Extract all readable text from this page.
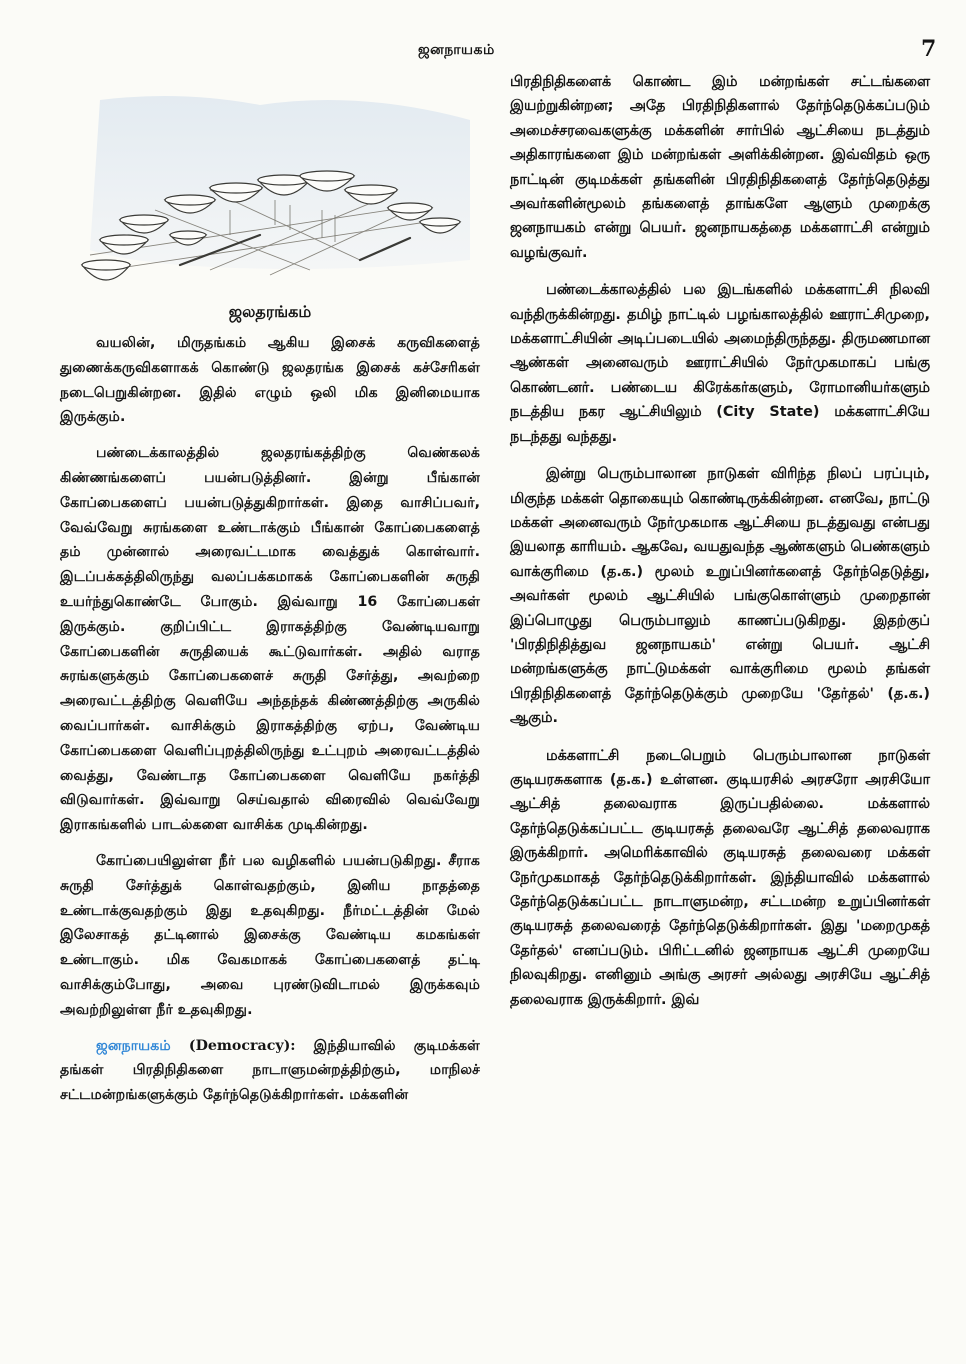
ஜனநாயகம்	7
ஜலதரங்கம்

வயலின், மிருதங்கம் ஆகிய இசைக் கருவிகளைத் துணைக்கருவிகளாகக் கொண்டு ஜலதரங்க இசைக் கச்சேரிகள் நடைபெறுகின்றன. இதில் எழும் ஒலி மிக இனிமையாக இருக்கும்.

பண்டைக்காலத்தில் ஜலதரங்கத்திற்கு வெண்கலக் கிண்ணங்களைப் பயன்படுத்தினர். இன்று பீங்கான் கோப்பைகளைப் பயன்படுத்துகிறார்கள். இதை வாசிப்பவர், வேவ்வேறு சுரங்களை உண்டாக்கும் பீங்கான் கோப்பைகளைத் தம் முன்னால் அரைவட்டமாக வைத்துக் கொள்வார். இடப்பக்கத்திலிருந்து வலப்பக்கமாகக் கோப்பைகளின் சுருதி உயர்ந்துகொண்டே போகும். இவ்வாறு 16 கோப்பைகள் இருக்கும். குறிப்பிட்ட இராகத்திற்கு வேண்டியவாறு கோப்பைகளின் சுருதியைக் கூட்டுவார்கள். அதில் வராத சுரங்களுக்கும் கோப்பைகளைச் சுருதி சேர்த்து, அவற்றை அரைவட்டத்திற்கு வெளியே அந்தந்தக் கிண்ணத்திற்கு அருகில் வைப்பார்கள். வாசிக்கும் இராகத்திற்கு ஏற்ப, வேண்டிய கோப்பைகளை வெளிப்புறத்திலிருந்து உட்புறம் அரைவட்டத்தில் வைத்து, வேண்டாத கோப்பைகளை வெளியே நகர்த்தி விடுவார்கள். இவ்வாறு செய்வதால் விரைவில் வெவ்வேறு இராகங்களில் பாடல்களை வாசிக்க முடிகின்றது.

கோப்பையிலுள்ள நீர் பல வழிகளில் பயன்படுகிறது. சீராக சுருதி சேர்த்துக் கொள்வதற்கும், இனிய நாதத்தை உண்டாக்குவதற்கும் இது உதவுகிறது. நீர்மட்டத்தின் மேல் இலேசாகத் தட்டினால் இசைக்கு வேண்டிய கமகங்கள் உண்டாகும். மிக வேகமாகக் கோப்பைகளைத் தட்டி வாசிக்கும்போது, அவை புரண்டுவிடாமல் இருக்கவும் அவற்றிலுள்ள நீர் உதவுகிறது.

ஜனநாயகம் (Democracy): இந்தியாவில் குடிமக்கள் தங்கள் பிரதிநிதிகளை நாடாளுமன்றத்திற்கும், மாநிலச் சட்டமன்றங்களுக்கும் தேர்ந்தெடுக்கிறார்கள். மக்களின்

பிரதிநிதிகளைக் கொண்ட இம் மன்றங்கள் சட்டங்களை இயற்றுகின்றன; அதே பிரதிநிதிகளால் தேர்ந்தெடுக்கப்படும் அமைச்சரவைகளுக்கு மக்களின் சார்பில் ஆட்சியை நடத்தும் அதிகாரங்களை இம் மன்றங்கள் அளிக்கின்றன. இவ்விதம் ஒரு நாட்டின் குடிமக்கள் தங்களின் பிரதிநிதிகளைத் தேர்ந்தெடுத்து அவர்களின்மூலம் தங்களைத் தாங்களே ஆளும் முறைக்கு ஜனநாயகம் என்று பெயர். ஜனநாயகத்தை மக்களாட்சி என்றும் வழங்குவர்.

பண்டைக்காலத்தில் பல இடங்களில் மக்களாட்சி நிலவி வந்திருக்கின்றது. தமிழ் நாட்டில் பழங்காலத்தில் ஊராட்சிமுறை, மக்களாட்சியின் அடிப்படையில் அமைந்திருந்தது. திருமணமான ஆண்கள் அனைவரும் ஊராட்சியில் நேர்முகமாகப் பங்கு கொண்டனர். பண்டைய கிரேக்கர்களும், ரோமானியர்களும் நடத்திய நகர ஆட்சியிலும் (City State) மக்களாட்சியே நடந்தது வந்தது.

இன்று பெரும்பாலான நாடுகள் விரிந்த நிலப் பரப்பும், மிகுந்த மக்கள் தொகையும் கொண்டிருக்கின்றன. எனவே, நாட்டு மக்கள் அனைவரும் நேர்முகமாக ஆட்சியை நடத்துவது என்பது இயலாத காரியம். ஆகவே, வயதுவந்த ஆண்களும் பெண்களும் வாக்குரிமை (த.க.) மூலம் உறுப்பினர்களைத் தேர்ந்தெடுத்து, அவர்கள் மூலம் ஆட்சியில் பங்குகொள்ளும் முறைதான் இப்பொழுது பெரும்பாலும் காணப்படுகிறது. இதற்குப் 'பிரதிநிதித்துவ ஜனநாயகம்' என்று பெயர். ஆட்சி மன்றங்களுக்கு நாட்டுமக்கள் வாக்குரிமை மூலம் தங்கள் பிரதிநிதிகளைத் தேர்ந்தெடுக்கும் முறையே 'தேர்தல்' (த.க.) ஆகும்.

மக்களாட்சி நடைபெறும் பெரும்பாலான நாடுகள் குடியரசுகளாக (த.க.) உள்ளன. குடியரசில் அரசரோ அரசியோ ஆட்சித் தலைவராக இருப்பதில்லை. மக்களால் தேர்ந்தெடுக்கப்பட்ட குடியரசுத் தலைவரே ஆட்சித் தலைவராக இருக்கிறார். அமெரிக்காவில் குடியரசுத் தலைவரை மக்கள் நேர்முகமாகத் தேர்ந்தெடுக்கிறார்கள். இந்தியாவில் மக்களால் தேர்ந்தெடுக்கப்பட்ட நாடாளுமன்ற, சட்டமன்ற உறுப்பினர்கள் குடியரசுத் தலைவரைத் தேர்ந்தெடுக்கிறார்கள். இது 'மறைமுகத் தேர்தல்' எனப்படும். பிரிட்டனில் ஜனநாயக ஆட்சி முறையே நிலவுகிறது. எனினும் அங்கு அரசர் அல்லது அரசியே ஆட்சித் தலைவராக இருக்கிறார். இவ்
